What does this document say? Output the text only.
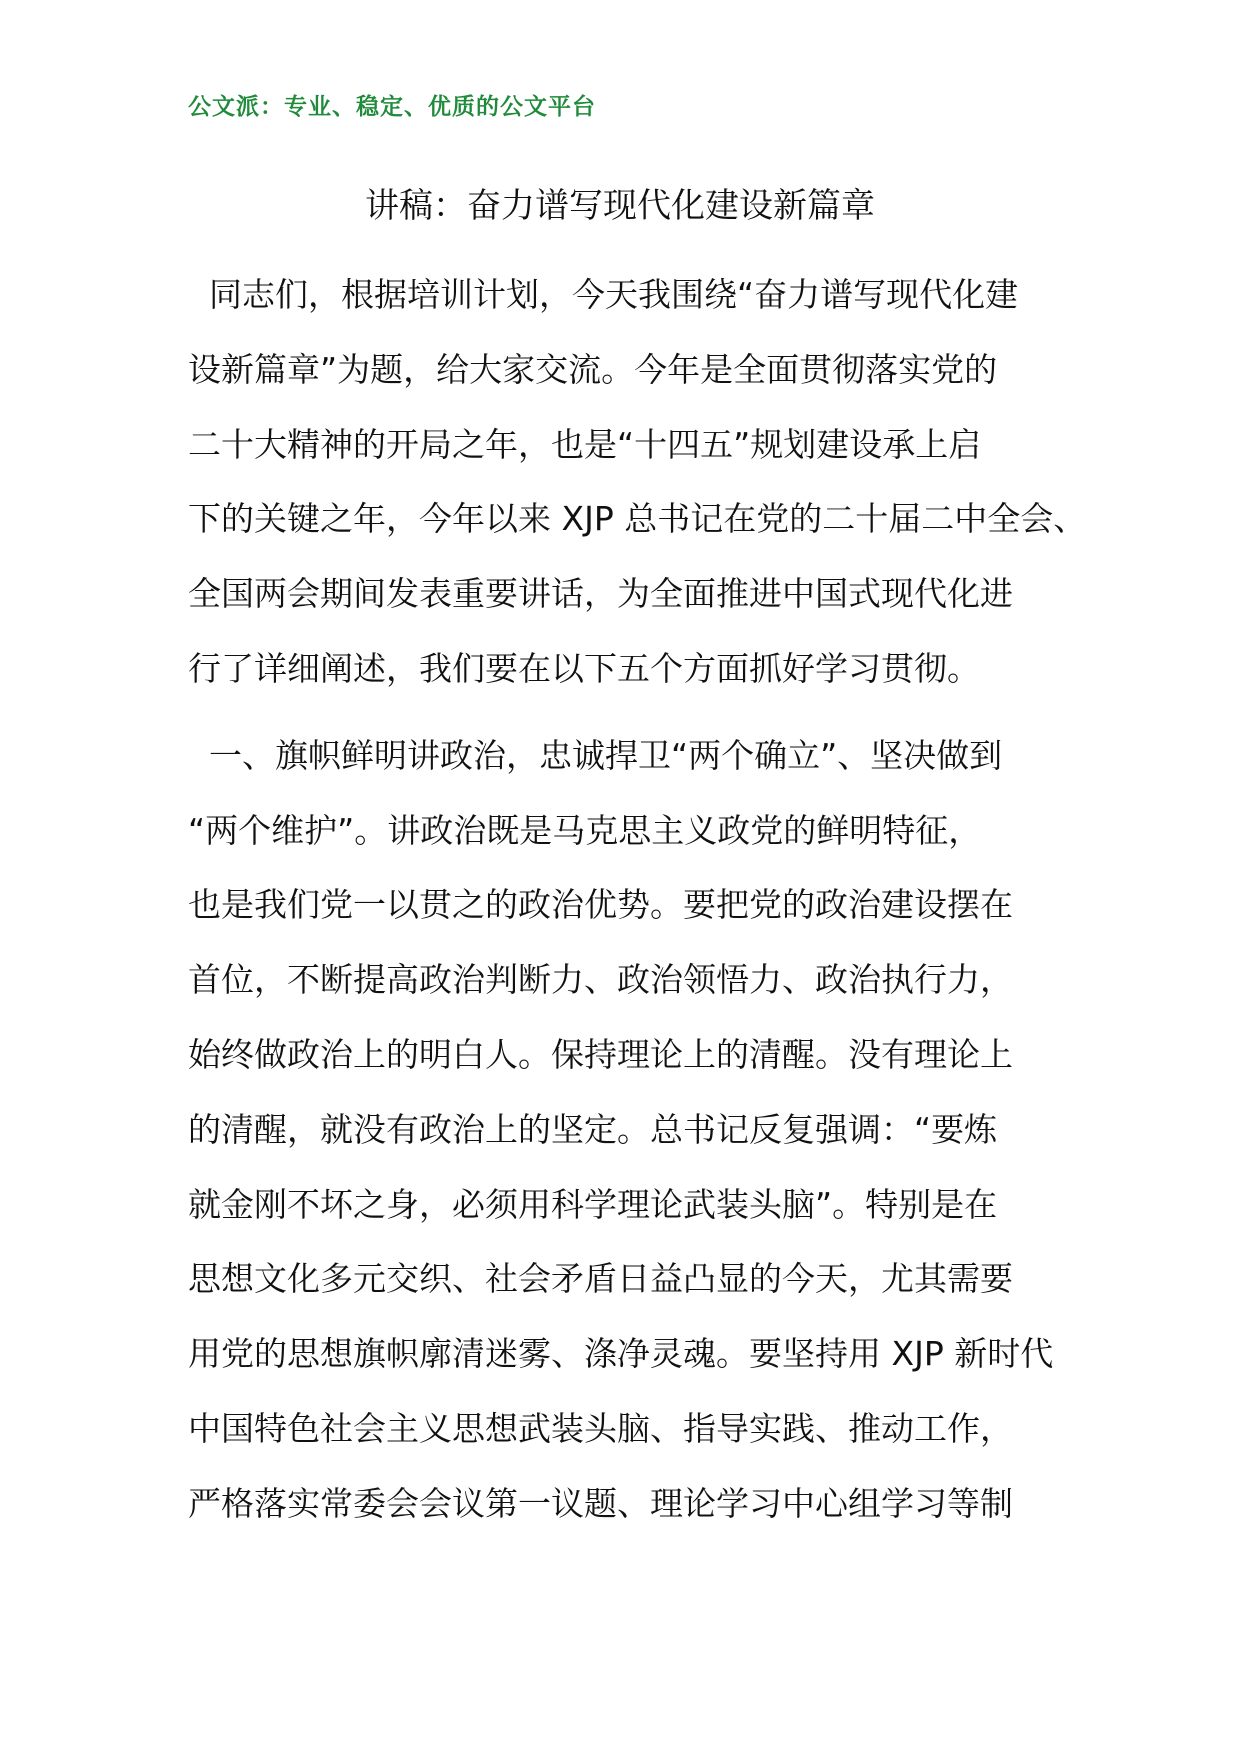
公文派：专业、稳定、优质的公文平台
讲稿：奋力谱写现代化建设新篇章
同志们，根据培训计划，今天我围绕“奋力谱写现代化建
设新篇章”为题，给大家交流。今年是全面贯彻落实党的
二十大精神的开局之年，也是“十四五”规划建设承上启
下的关键之年，今年以来 XJP 总书记在党的二十届二中全会、
全国两会期间发表重要讲话，为全面推进中国式现代化进
行了详细阐述，我们要在以下五个方面抓好学习贯彻。
一、旗帜鲜明讲政治，忠诚捍卫“两个确立”、坚决做到
“两个维护”。讲政治既是马克思主义政党的鲜明特征，
也是我们党一以贯之的政治优势。要把党的政治建设摆在
首位，不断提高政治判断力、政治领悟力、政治执行力，
始终做政治上的明白人。保持理论上的清醒。没有理论上
的清醒，就没有政治上的坚定。总书记反复强调：“要炼
就金刚不坏之身，必须用科学理论武装头脑”。特别是在
思想文化多元交织、社会矛盾日益凸显的今天，尤其需要
用党的思想旗帜廓清迷雾、涤净灵魂。要坚持用 XJP 新时代
中国特色社会主义思想武装头脑、指导实践、推动工作，
严格落实常委会会议第一议题、理论学习中心组学习等制
